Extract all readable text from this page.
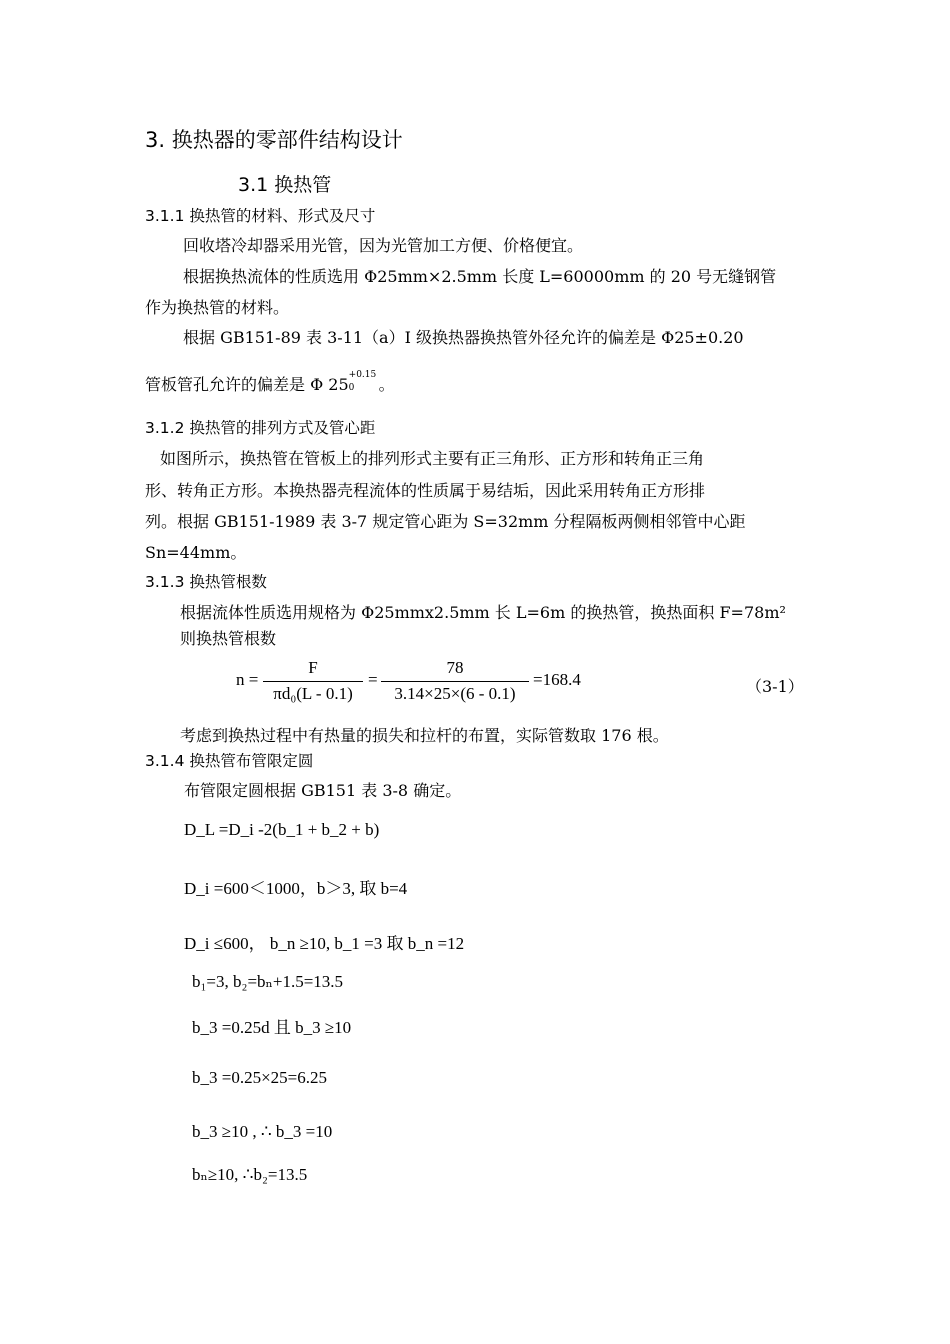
3. 换热器的零部件结构设计
3.1 换热管
3.1.1 换热管的材料、形式及尺寸
回收塔冷却器采用光管，因为光管加工方便、价格便宜。
根据换热流体的性质选用 Φ25mm×2.5mm 长度 L=60000mm 的 20 号无缝钢管
作为换热管的材料。
根据 GB151-89 表 3-11（a）I 级换热器换热管外径允许的偏差是 Φ25±0.20
管板管孔允许的偏差是 Φ 25 +0.15
0 。
3.1.2 换热管的排列方式及管心距
如图所示，换热管在管板上的排列形式主要有正三角形、正方形和转角正三角
形、转角正方形。本换热器壳程流体的性质属于易结垢，因此采用转角正方形排
列。根据 GB151-1989 表 3-7 规定管心距为 S=32mm 分程隔板两侧相邻管中心距
Sn=44mm。
3.1.3 换热管根数
根据流体性质选用规格为 Φ25mmx2.5mm 长 L=6m 的换热管，换热面积 F=78m²
则换热管根数
n =
F
πd₀(L - 0.1)
=
78
3.14×25×(6 - 0.1)
=168.4	（3-1）
考虑到换热过程中有热量的损失和拉杆的布置，实际管数取 176 根。
3.1.4 换热管布管限定圆
布管限定圆根据 GB151 表 3-8 确定。
D_L =D_i -2(b_1 + b_2 + b)
D_i =600＜1000，b＞3, 取 b=4
D_i ≤600， b_n ≥10, b_1 =3 取 b_n =12
b₁=3, b₂=bₙ+1.5=13.5
b_3 =0.25d 且 b_3 ≥10
b_3 =0.25×25=6.25
b_3 ≥10 , ∴ b_3 =10
bₙ≥10, ∴b₂=13.5
